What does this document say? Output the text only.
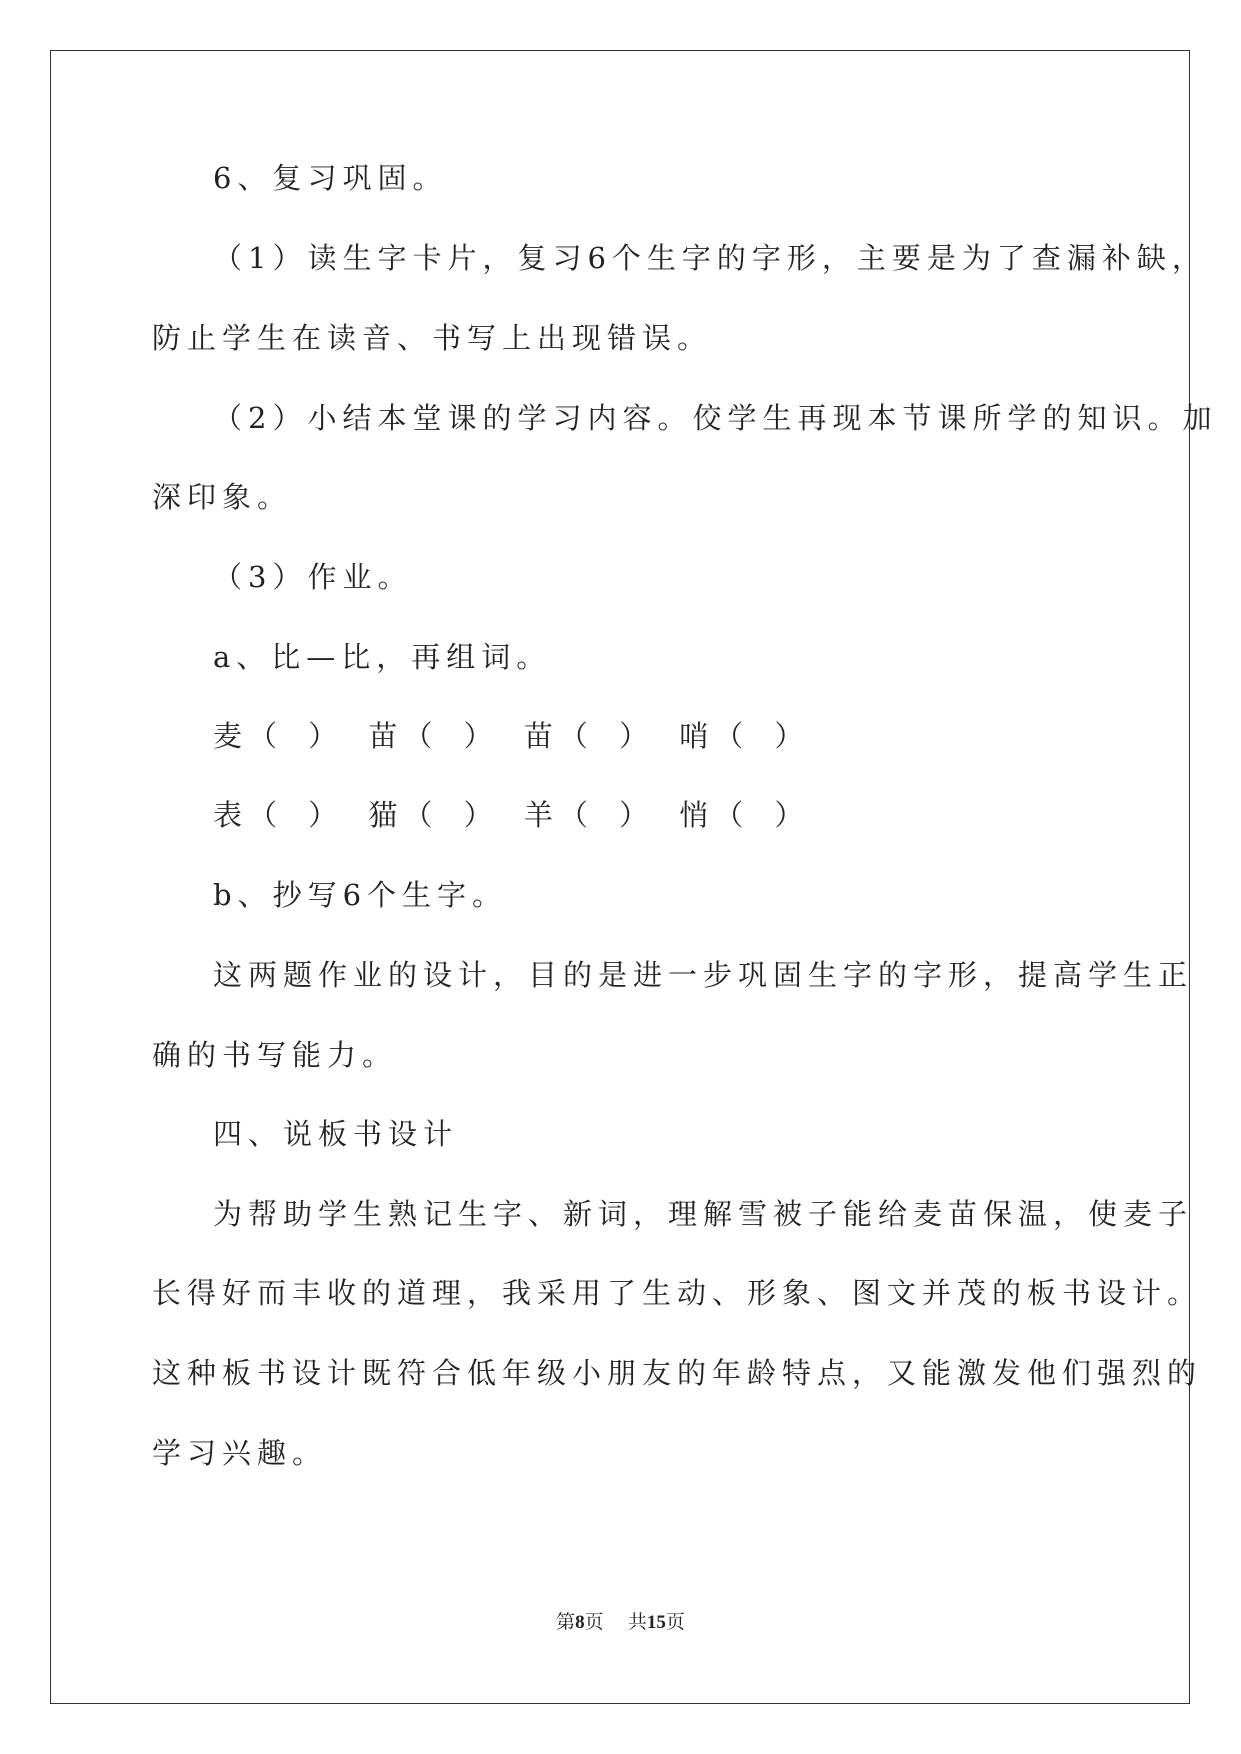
6、复习巩固。
（1）读生字卡片，复习6个生字的字形，主要是为了查漏补缺，
防止学生在读音、书写上出现错误。
（2）小结本堂课的学习内容。佼学生再现本节课所学的知识。加
深印象。
（3）作业。
a、比—比，再组词。
麦（ ） 苗（ ） 苗（ ） 哨（ ）
表（ ） 猫（ ） 羊（ ） 悄（ ）
b、抄写6个生字。
这两题作业的设计，目的是进一步巩固生字的字形，提高学生正
确的书写能力。
四、说板书设计
为帮助学生熟记生字、新词，理解雪被子能给麦苗保温，使麦子
长得好而丰收的道理，我采用了生动、形象、图文并茂的板书设计。
这种板书设计既符合低年级小朋友的年龄特点，又能激发他们强烈的
学习兴趣。
第8页 共15页
